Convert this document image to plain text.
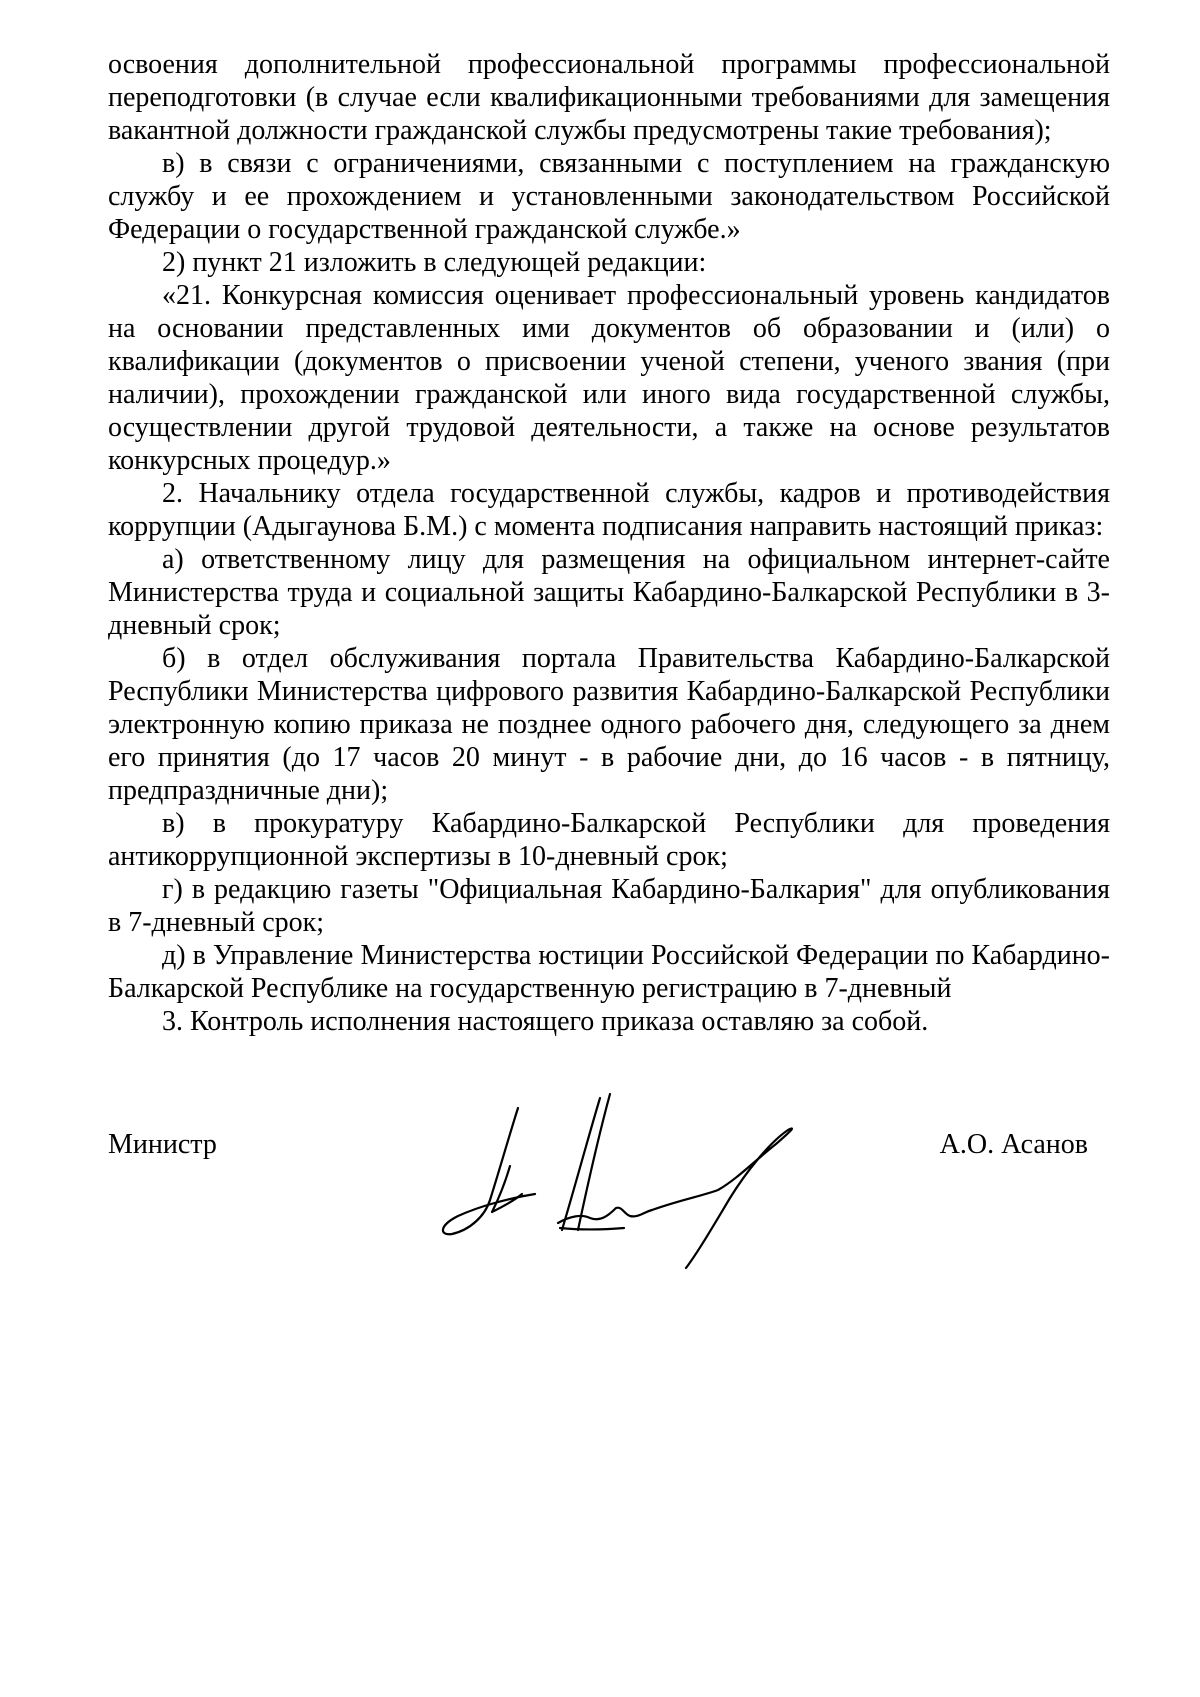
освоения дополнительной профессиональной программы профессиональной переподготовки (в случае если квалификационными требованиями для замещения вакантной должности гражданской службы предусмотрены такие требования);

в) в связи с ограничениями, связанными с поступлением на гражданскую службу и ее прохождением и установленными законодательством Российской Федерации о государственной гражданской службе.»

2) пункт 21 изложить в следующей редакции:

«21. Конкурсная комиссия оценивает профессиональный уровень кандидатов на основании представленных ими документов об образовании и (или) о квалификации (документов о присвоении ученой степени, ученого звания (при наличии), прохождении гражданской или иного вида государственной службы, осуществлении другой трудовой деятельности, а также на основе результатов конкурсных процедур.»

2. Начальнику отдела государственной службы, кадров и противодействия коррупции (Адыгаунова Б.М.) с момента подписания направить настоящий приказ:

а) ответственному лицу для размещения на официальном интернет-сайте Министерства труда и социальной защиты Кабардино-Балкарской Республики в 3-дневный срок;

б) в отдел обслуживания портала Правительства Кабардино-Балкарской Республики Министерства цифрового развития Кабардино-Балкарской Республики электронную копию приказа не позднее одного рабочего дня, следующего за днем его принятия (до 17 часов 20 минут - в рабочие дни, до 16 часов - в пятницу, предпраздничные дни);

в) в прокуратуру Кабардино-Балкарской Республики для проведения антикоррупционной экспертизы в 10-дневный срок;

г) в редакцию газеты "Официальная Кабардино-Балкария" для опубликования в 7-дневный срок;

д) в Управление Министерства юстиции Российской Федерации по Кабардино-Балкарской Республике на государственную регистрацию в 7-дневный

3. Контроль исполнения настоящего приказа оставляю за собой.

Министр	А.О. Асанов
